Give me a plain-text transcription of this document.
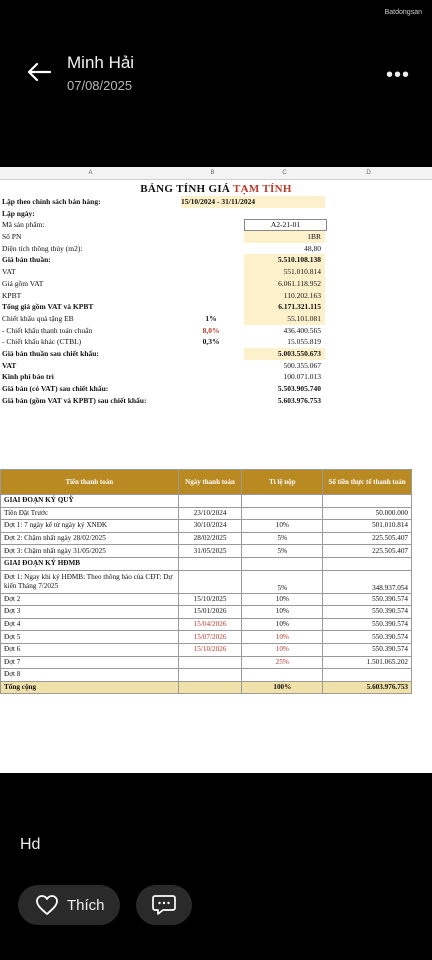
Batdongsan
Minh Hải
07/08/2025	•••
A	B	C	D
BẢNG TÍNH GIÁ TẠM TÍNH
Lập theo chính sách bán hàng:	15/10/2024 - 31/11/2024
Lập ngày:
Mã sản phẩm:	A2-21-01
Số PN	1BR
Diện tích thông thủy (m2):	48,80
Giá bán thuần:	5.510.108.138
VAT	551.010.814
Giá gồm VAT	6.061.118.952
KPBT	110.202.163
Tổng giá gồm VAT và KPBT	6.171.321.115
Chiết khấu quà tặng EB	1%	55.101.081
- Chiết khấu thanh toán chuẩn	8,0%	436.400.565
- Chiết khấu khác (CTBL)	0,3%	15.055.819
Giá bán thuần sau chiết khấu:	5.003.550.673
VAT	500.355.067
Kinh phí bảo trì	100.071.013
Giá bán (có VAT) sau chiết khấu:	5.503.905.740
Giá bán (gồm VAT và KPBT) sau chiết khấu:	5.603.976.753
Tiến thanh toán	Ngày thanh toán	Tỉ lệ nộp	Số tiền thực tế thanh toán
GIAI ĐOẠN KÝ QUỸ			
Tiền Đặt Trước	23/10/2024		50.000.000
Đợt 1: 7 ngày kể từ ngày ký XNĐK	30/10/2024	10%	501.010.814
Đợt 2: Chậm nhất ngày 28/02/2025	28/02/2025	5%	225.505.407
Đợt 3: Chậm nhất ngày 31/05/2025	31/05/2025	5%	225.505.407
GIAI ĐOẠN KÝ HĐMB			
Đợt 1: Ngay khi ký HĐMB: Theo thông báo của CĐT: Dự kiến Tháng 7/2025		5%	348.937.054
Đợt 2	15/10/2025	10%	550.390.574
Đợt 3	15/01/2026	10%	550.390.574
Đợt 4	15/04/2026	10%	550.390.574
Đợt 5	15/07/2026	10%	550.390.574
Đợt 6	15/10/2026	10%	550.390.574
Đợt 7		25%	1.501.065.202
Đợt 8			
Tổng cộng		100%	5.603.976.753
Hd
Thích
